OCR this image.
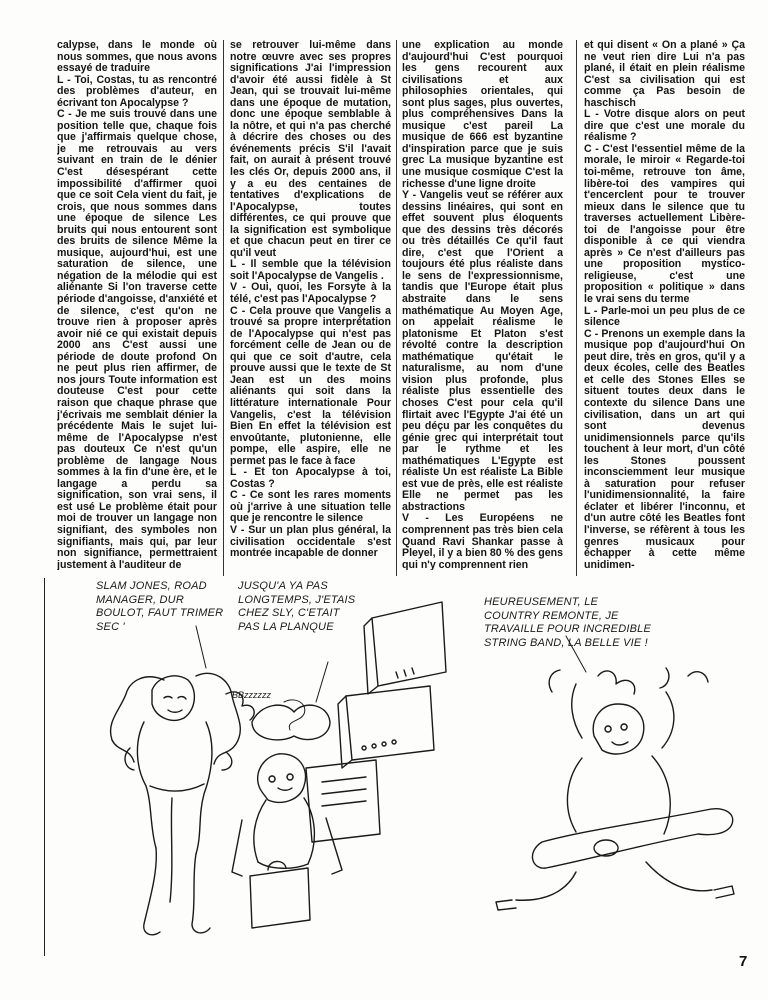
calypse, dans le monde où nous sommes, que nous avons essayé de traduire

L - Toi, Costas, tu as rencontré des problèmes d'auteur, en écrivant ton Apocalypse ?

C - Je me suis trouvé dans une position telle que, chaque fois que j'affirmais quelque chose, je me retrouvais au vers suivant en train de le dénier C'est désespérant cette impossibilité d'affirmer quoi que ce soit Cela vient du fait, je crois, que nous sommes dans une époque de silence Les bruits qui nous entourent sont des bruits de silence Même la musique, aujourd'hui, est une saturation de silence, une négation de la mélodie qui est aliénante Si l'on traverse cette période d'angoisse, d'anxiété et de silence, c'est qu'on ne trouve rien à proposer après avoir nié ce qui existait depuis 2000 ans C'est aussi une période de doute profond On ne peut plus rien affirmer, de nos jours Toute information est douteuse C'est pour cette raison que chaque phrase que j'écrivais me semblait dénier la précédente Mais le sujet lui-même de l'Apocalypse n'est pas douteux Ce n'est qu'un problème de langage Nous sommes à la fin d'une ère, et le langage a perdu sa signification, son vrai sens, il est usé Le problème était pour moi de trouver un langage non signifiant, des symboles non signifiants, mais qui, par leur non signifiance, permettraient justement à l'auditeur de

se retrouver lui-même dans notre œuvre avec ses propres significations J'ai l'impression d'avoir été aussi fidèle à St Jean, qui se trouvait lui-même dans une époque de mutation, donc une époque semblable à la nôtre, et qui n'a pas cherché à décrire des choses ou des événements précis S'il l'avait fait, on aurait à présent trouvé les clés Or, depuis 2000 ans, il y a eu des centaines de tentatives d'explications de l'Apocalypse, toutes différentes, ce qui prouve que la signification est symbolique et que chacun peut en tirer ce qu'il veut

L - Il semble que la télévision soit l'Apocalypse de Vangelis .

V - Oui, quoi, les Forsyte à la télé, c'est pas l'Apocalypse ?

C - Cela prouve que Vangelis a trouvé sa propre interprétation de l'Apocalypse qui n'est pas forcément celle de Jean ou de qui que ce soit d'autre, cela prouve aussi que le texte de St Jean est un des moins aliénants qui soit dans la littérature internationale Pour Vangelis, c'est la télévision Bien En effet la télévision est envoûtante, plutonienne, elle pompe, elle aspire, elle ne permet pas le face à face

L - Et ton Apocalypse à toi, Costas ?

C - Ce sont les rares moments où j'arrive à une situation telle que je rencontre le silence

V - Sur un plan plus général, la civilisation occidentale s'est montrée incapable de donner

une explication au monde d'aujourd'hui C'est pourquoi les gens recourent aux civilisations et aux philosophies orientales, qui sont plus sages, plus ouvertes, plus compréhensives Dans la musique c'est pareil La musique de 666 est byzantine d'inspiration parce que je suis grec La musique byzantine est une musique cosmique C'est la richesse d'une ligne droite

Y - Vangelis veut se référer aux dessins linéaires, qui sont en effet souvent plus éloquents que des dessins très décorés ou très détaillés Ce qu'il faut dire, c'est que l'Orient a toujours été plus réaliste dans le sens de l'expressionnisme, tandis que l'Europe était plus abstraite dans le sens mathématique Au Moyen Age, on appelait réalisme le platonisme Et Platon s'est révolté contre la description mathématique qu'était le naturalisme, au nom d'une vision plus profonde, plus réaliste plus essentielle des choses C'est pour cela qu'il flirtait avec l'Egypte J'ai été un peu déçu par les conquêtes du génie grec qui interprétait tout par le rythme et les mathématiques L'Egypte est réaliste Un est réaliste La Bible est vue de près, elle est réaliste Elle ne permet pas les abstractions

V - Les Européens ne comprennent pas très bien cela Quand Ravi Shankar passe à Pleyel, il y a bien 80 % des gens qui n'y comprennent rien

et qui disent « On a plané » Ça ne veut rien dire Lui n'a pas plané, il était en plein réalisme C'est sa civilisation qui est comme ça Pas besoin de haschisch

L - Votre disque alors on peut dire que c'est une morale du réalisme ?

C - C'est l'essentiel même de la morale, le miroir « Regarde-toi toi-même, retrouve ton âme, libère-toi des vampires qui t'encerclent pour te trouver mieux dans le silence que tu traverses actuellement Libère-toi de l'angoisse pour être disponible à ce qui viendra après » Ce n'est d'ailleurs pas une proposition mystico-religieuse, c'est une proposition « politique » dans le vrai sens du terme

L - Parle-moi un peu plus de ce silence

C - Prenons un exemple dans la musique pop d'aujourd'hui On peut dire, très en gros, qu'il y a deux écoles, celle des Beatles et celle des Stones Elles se situent toutes deux dans le contexte du silence Dans une civilisation, dans un art qui sont devenus unidimensionnels parce qu'ils touchent à leur mort, d'un côté les Stones poussent inconsciemment leur musique à saturation pour refuser l'unidimensionnalité, la faire éclater et libérer l'inconnu, et d'un autre côté les Beatles font l'inverse, se réfèrent à tous les genres musicaux pour échapper à cette même unidimen-

SLAM JONES, ROAD MANAGER, DUR BOULOT, FAUT TRIMER SEC '
JUSQU'A YA PAS LONGTEMPS, J'ETAIS CHEZ SLY, C'ETAIT PAS LA PLANQUE
HEUREUSEMENT, LE COUNTRY REMONTE, JE TRAVAILLE POUR INCREDIBLE STRING BAND, LA BELLE VIE !
BBzzzzzz
7
